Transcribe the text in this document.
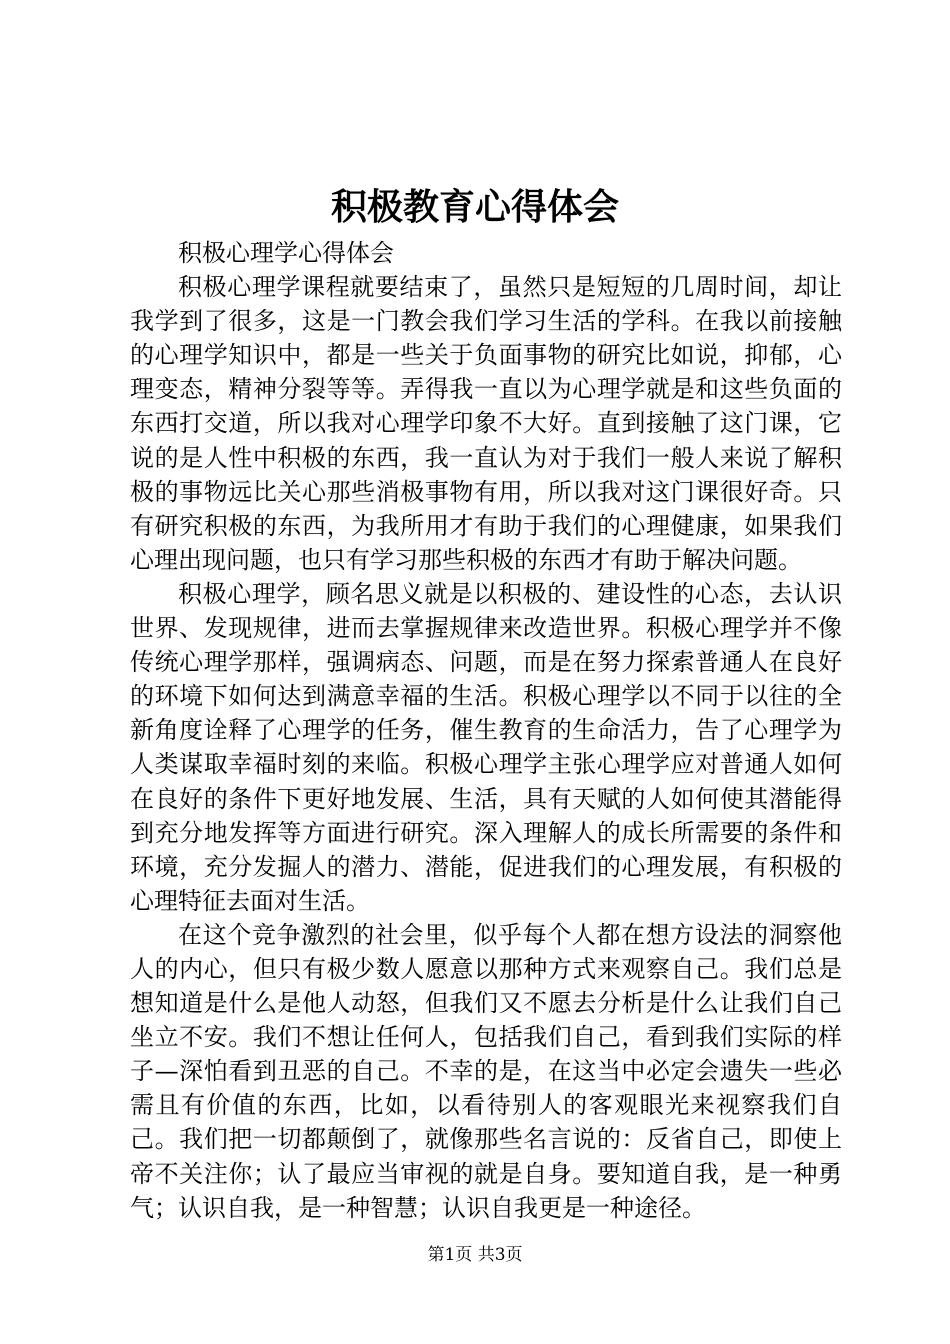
积极教育心得体会

积极心理学心得体会

积极心理学课程就要结束了，虽然只是短短的几周时间，却让我学到了很多，这是一门教会我们学习生活的学科。在我以前接触的心理学知识中，都是一些关于负面事物的研究比如说，抑郁，心理变态，精神分裂等等。弄得我一直以为心理学就是和这些负面的东西打交道，所以我对心理学印象不大好。直到接触了这门课，它说的是人性中积极的东西，我一直认为对于我们一般人来说了解积极的事物远比关心那些消极事物有用，所以我对这门课很好奇。只有研究积极的东西，为我所用才有助于我们的心理健康，如果我们心理出现问题，也只有学习那些积极的东西才有助于解决问题。

积极心理学，顾名思义就是以积极的、建设性的心态，去认识世界、发现规律，进而去掌握规律来改造世界。积极心理学并不像传统心理学那样，强调病态、问题，而是在努力探索普通人在良好的环境下如何达到满意幸福的生活。积极心理学以不同于以往的全新角度诠释了心理学的任务，催生教育的生命活力，告了心理学为人类谋取幸福时刻的来临。积极心理学主张心理学应对普通人如何在良好的条件下更好地发展、生活，具有天赋的人如何使其潜能得到充分地发挥等方面进行研究。深入理解人的成长所需要的条件和环境，充分发掘人的潜力、潜能，促进我们的心理发展，有积极的心理特征去面对生活。

在这个竞争激烈的社会里，似乎每个人都在想方设法的洞察他人的内心，但只有极少数人愿意以那种方式来观察自己。我们总是想知道是什么是他人动怒，但我们又不愿去分析是什么让我们自己坐立不安。我们不想让任何人，包括我们自己，看到我们实际的样子—深怕看到丑恶的自己。不幸的是，在这当中必定会遗失一些必需且有价值的东西，比如，以看待别人的客观眼光来视察我们自己。我们把一切都颠倒了，就像那些名言说的：反省自己，即使上帝不关注你；认了最应当审视的就是自身。要知道自我，是一种勇气；认识自我，是一种智慧；认识自我更是一种途径。

第1页 共3页
